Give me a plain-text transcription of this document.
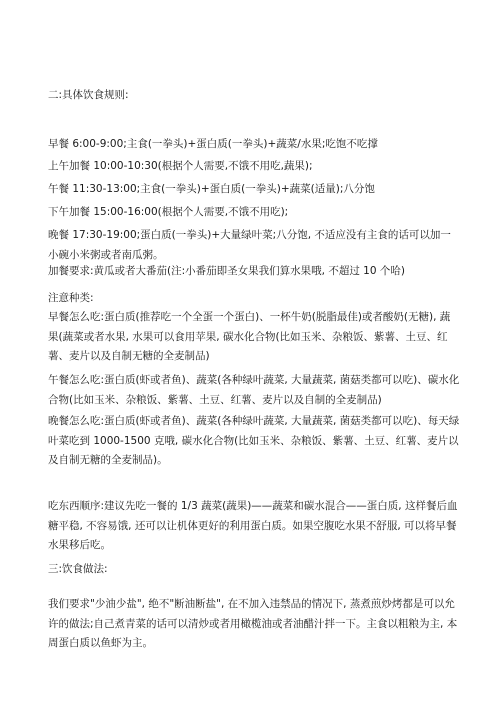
二:具体饮食规则:
早餐 6:00-9:00;主食(一拳头)+蛋白质(一拳头)+蔬菜/水果;吃饱不吃撑
上午加餐 10:00-10:30(根据个人需要,不饿不用吃,蔬果);
午餐 11:30-13:00;主食(一拳头)+蛋白质(一拳头)+蔬菜(适量);八分饱
下午加餐 15:00-16:00(根据个人需要,不饿不用吃);
晚餐 17:30-19:00;蛋白质(一拳头)+大量绿叶菜;八分饱, 不适应没有主食的话可以加一小碗小米粥或者南瓜粥。
加餐要求:黄瓜或者大番茄(注:小番茄即圣女果我们算水果哦, 不超过 10 个哈)
注意种类:
早餐怎么吃:蛋白质(推荐吃一个全蛋一个蛋白)、一杯牛奶(脱脂最佳)或者酸奶(无糖), 蔬果(蔬菜或者水果, 水果可以食用苹果, 碳水化合物(比如玉米、杂粮饭、紫薯、土豆、红薯、麦片以及自制无糖的全麦制品)
午餐怎么吃:蛋白质(虾或者鱼)、蔬菜(各种绿叶蔬菜, 大量蔬菜, 菌菇类都可以吃)、碳水化合物(比如玉米、杂粮饭、紫薯、土豆、红薯、麦片以及自制的全麦制品)
晚餐怎么吃:蛋白质(虾或者鱼)、蔬菜(各种绿叶蔬菜, 大量蔬菜, 菌菇类都可以吃)、每天绿叶菜吃到 1000-1500 克哦, 碳水化合物(比如玉米、杂粮饭、紫薯、土豆、红薯、麦片以及自制无糖的全麦制品)。
吃东西顺序:建议先吃一餐的 1/3 蔬菜(蔬果)——蔬菜和碳水混合——蛋白质, 这样餐后血糖平稳, 不容易饿, 还可以让机体更好的利用蛋白质。如果空腹吃水果不舒服, 可以将早餐水果移后吃。
三:饮食做法:
我们要求"少油少盐", 绝不"断油断盐", 在不加入违禁品的情况下, 蒸煮煎炒烤都是可以允许的做法;自己煮青菜的话可以清炒或者用橄榄油或者油醋汁拌一下。主食以粗粮为主, 本周蛋白质以鱼虾为主。
